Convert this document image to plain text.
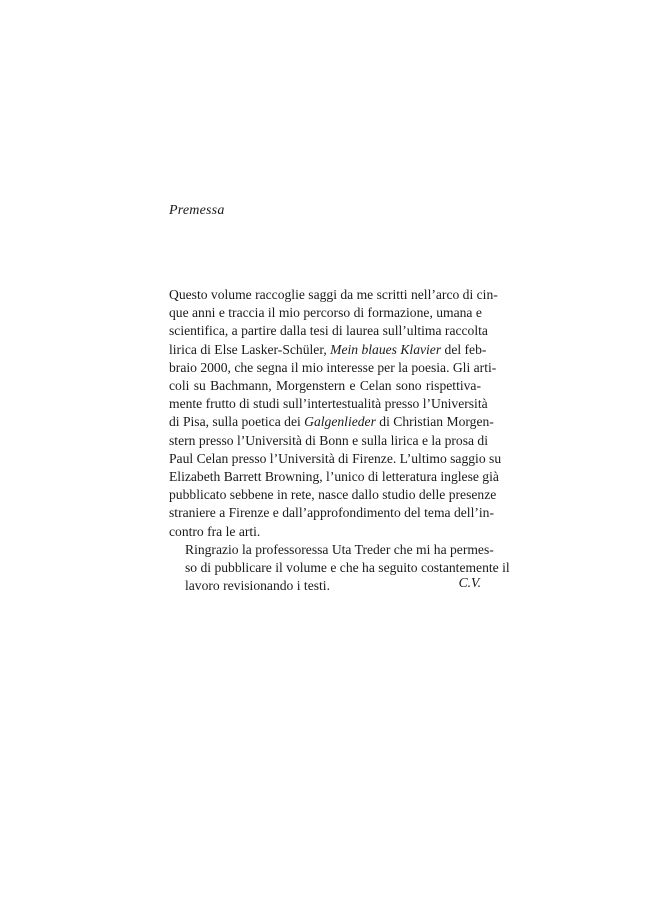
Premessa

Questo volume raccoglie saggi da me scritti nell’arco di cin-
que anni e traccia il mio percorso di formazione, umana e
scientifica, a partire dalla tesi di laurea sull’ultima raccolta
lirica di Else Lasker-Schüler, Mein blaues Klavier del feb-
braio 2000, che segna il mio interesse per la poesia. Gli arti-
coli su Bachmann, Morgenstern e Celan sono rispettiva-
mente frutto di studi sull’intertestualità presso l’Università
di Pisa, sulla poetica dei Galgenlieder di Christian Morgen-
stern presso l’Università di Bonn e sulla lirica e la prosa di
Paul Celan presso l’Università di Firenze. L’ultimo saggio su
Elizabeth Barrett Browning, l’unico di letteratura inglese già
pubblicato sebbene in rete, nasce dallo studio delle presenze
straniere a Firenze e dall’approfondimento del tema dell’in-
contro fra le arti.

Ringrazio la professoressa Uta Treder che mi ha permes-
so di pubblicare il volume e che ha seguito costantemente il
lavoro revisionando i testi.	C.V.
